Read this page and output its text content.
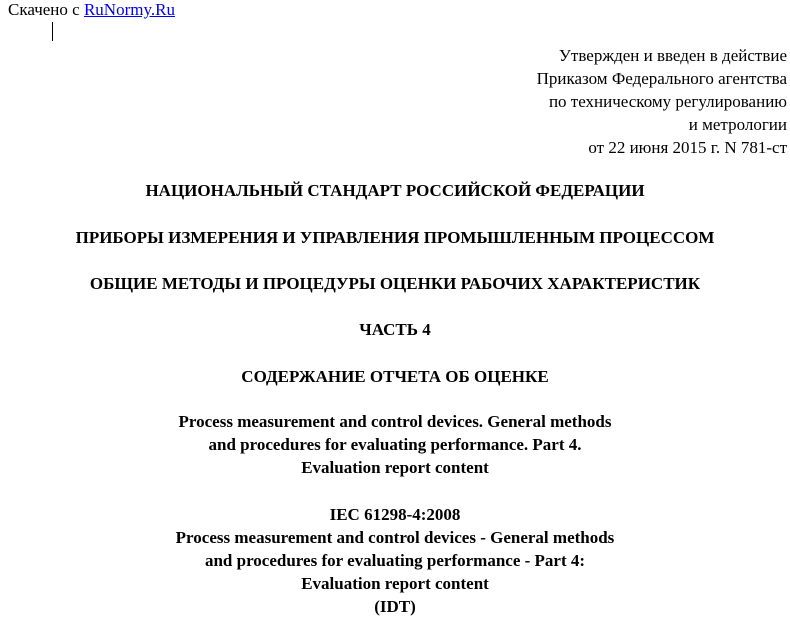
Скачено с RuNormy.Ru
Утвержден и введен в действие
Приказом Федерального агентства
по техническому регулированию
и метрологии
от 22 июня 2015 г. N 781-ст
НАЦИОНАЛЬНЫЙ СТАНДАРТ РОССИЙСКОЙ ФЕДЕРАЦИИ
ПРИБОРЫ ИЗМЕРЕНИЯ И УПРАВЛЕНИЯ ПРОМЫШЛЕННЫМ ПРОЦЕССОМ
ОБЩИЕ МЕТОДЫ И ПРОЦЕДУРЫ ОЦЕНКИ РАБОЧИХ ХАРАКТЕРИСТИК
ЧАСТЬ 4
СОДЕРЖАНИЕ ОТЧЕТА ОБ ОЦЕНКЕ
Process measurement and control devices. General methods
and procedures for evaluating performance. Part 4.
Evaluation report content
IEC 61298-4:2008
Process measurement and control devices - General methods
and procedures for evaluating performance - Part 4:
Evaluation report content
(IDT)
